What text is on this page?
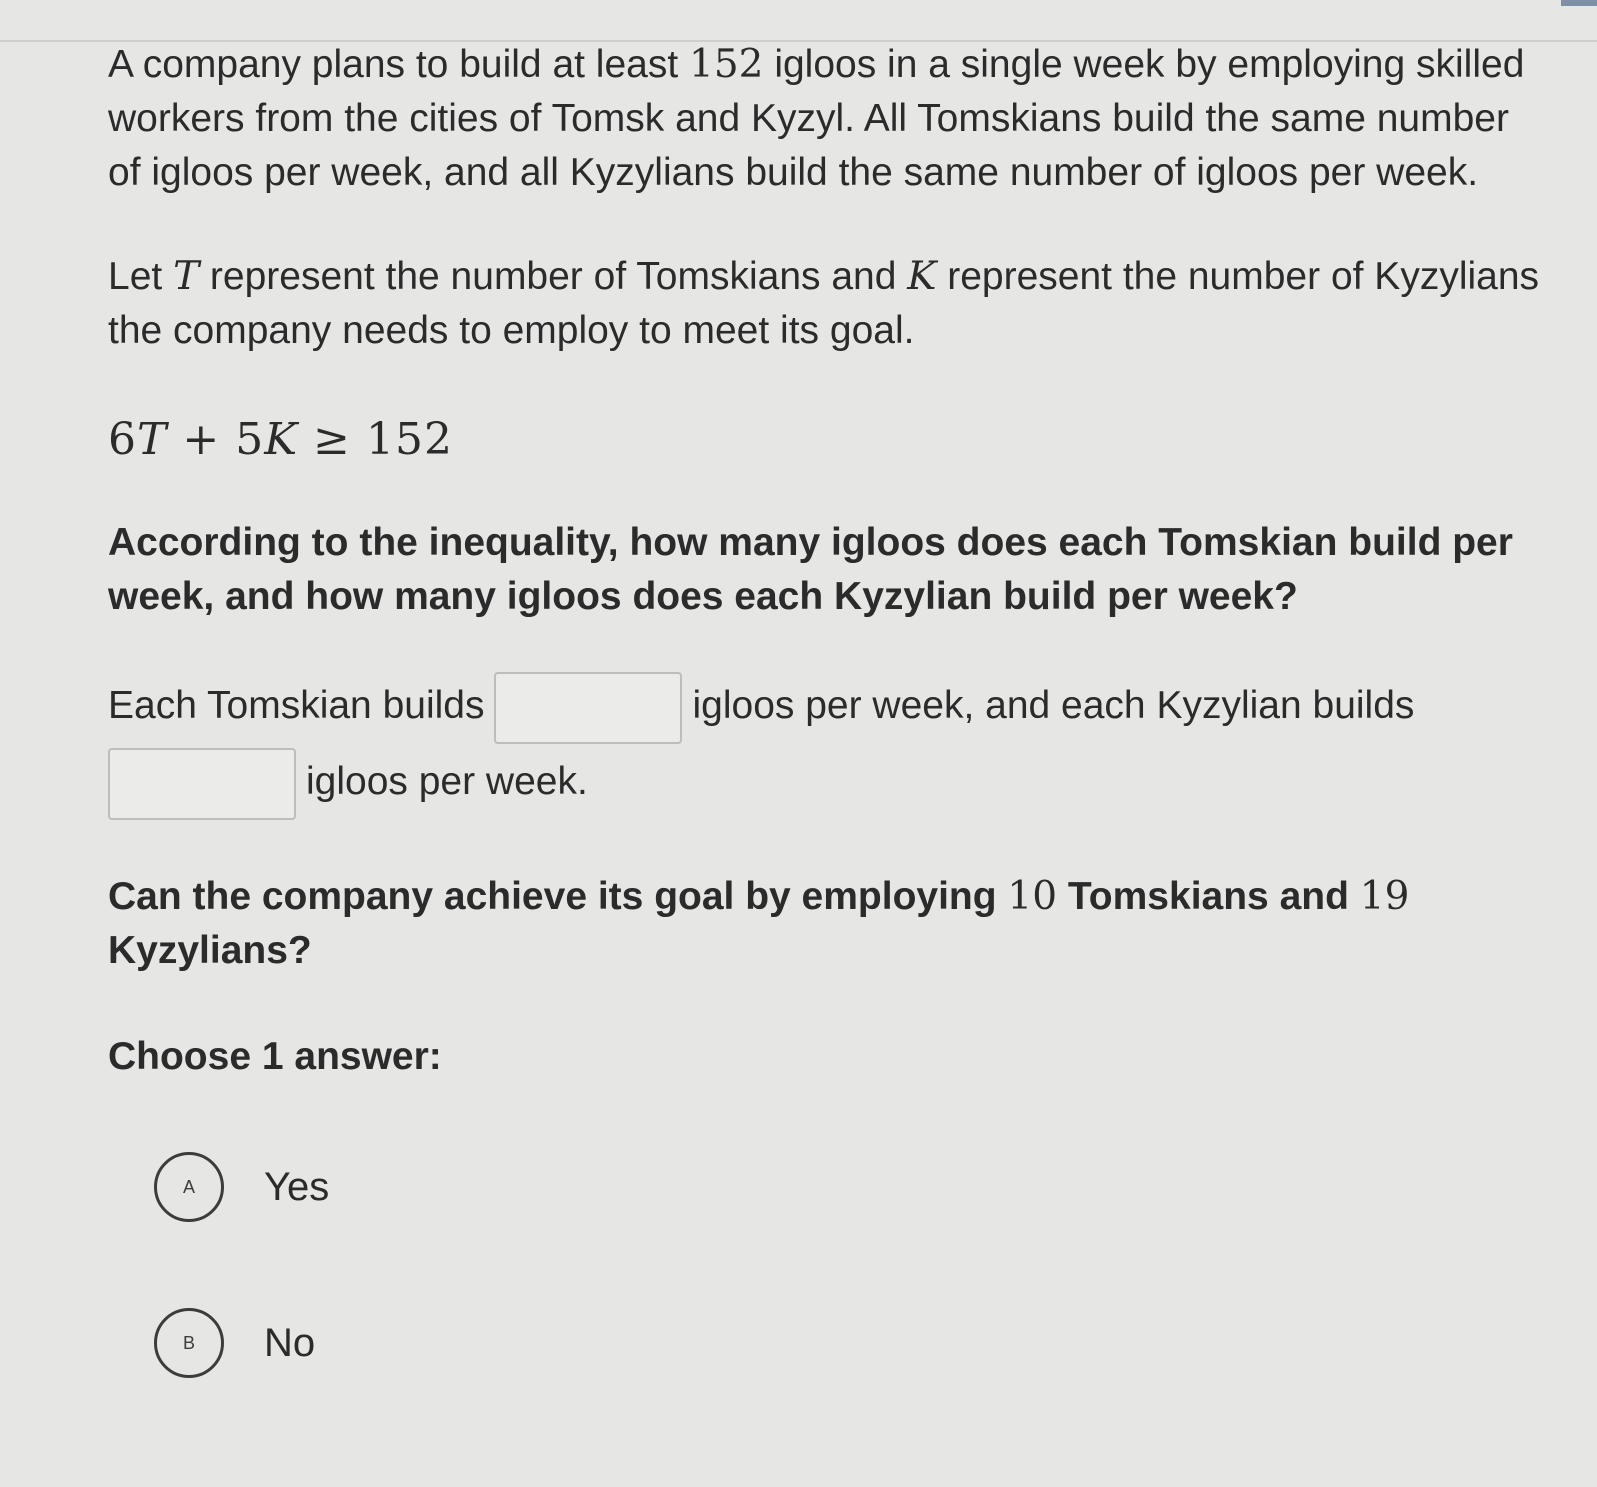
A company plans to build at least 152 igloos in a single week by employing skilled workers from the cities of Tomsk and Kyzyl. All Tomskians build the same number of igloos per week, and all Kyzylians build the same number of igloos per week.

Let T represent the number of Tomskians and K represent the number of Kyzylians the company needs to employ to meet its goal.

6T + 5K ≥ 152

According to the inequality, how many igloos does each Tomskian build per week, and how many igloos does each Kyzylian build per week?

Each Tomskian builds	igloos per week, and each Kyzylian builds
igloos per week.

Can the company achieve its goal by employing 10 Tomskians and 19 Kyzylians?

Choose 1 answer:

A	Yes
B	No
